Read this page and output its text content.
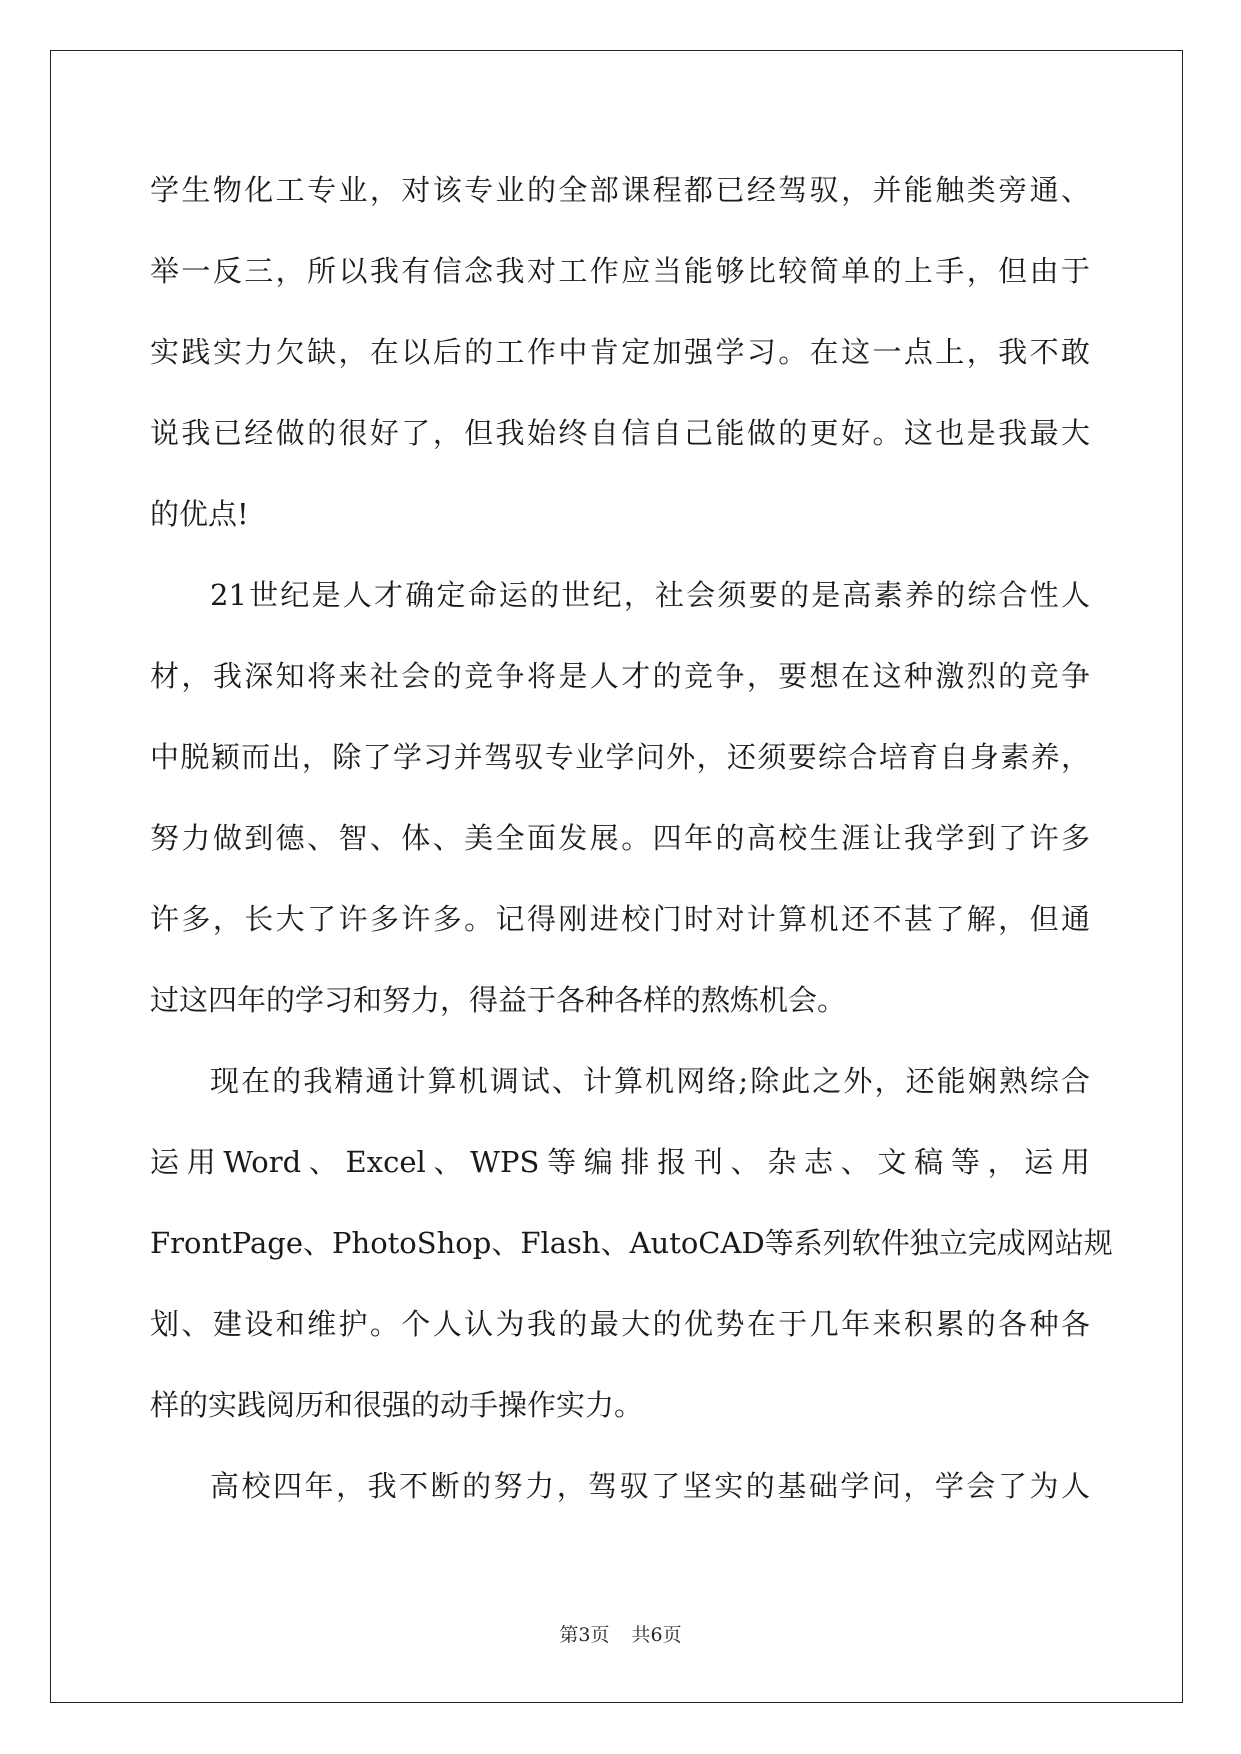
学生物化工专业，对该专业的全部课程都已经驾驭，并能触类旁通、
举一反三，所以我有信念我对工作应当能够比较简单的上手，但由于
实践实力欠缺，在以后的工作中肯定加强学习。在这一点上，我不敢
说我已经做的很好了，但我始终自信自己能做的更好。这也是我最大
的优点!
21世纪是人才确定命运的世纪，社会须要的是高素养的综合性人
材，我深知将来社会的竞争将是人才的竞争，要想在这种激烈的竞争
中脱颖而出，除了学习并驾驭专业学问外，还须要综合培育自身素养，
努力做到德、智、体、美全面发展。四年的高校生涯让我学到了许多
许多，长大了许多许多。记得刚进校门时对计算机还不甚了解，但通
过这四年的学习和努力，得益于各种各样的熬炼机会。
现在的我精通计算机调试、计算机网络;除此之外，还能娴熟综合
运用Word、Excel、WPS等编排报刊、杂志、文稿等，运用
FrontPage、PhotoShop、Flash、AutoCAD等系列软件独立完成网站规
划、建设和维护。个人认为我的最大的优势在于几年来积累的各种各
样的实践阅历和很强的动手操作实力。
高校四年，我不断的努力，驾驭了坚实的基础学问，学会了为人
第3页 共6页
